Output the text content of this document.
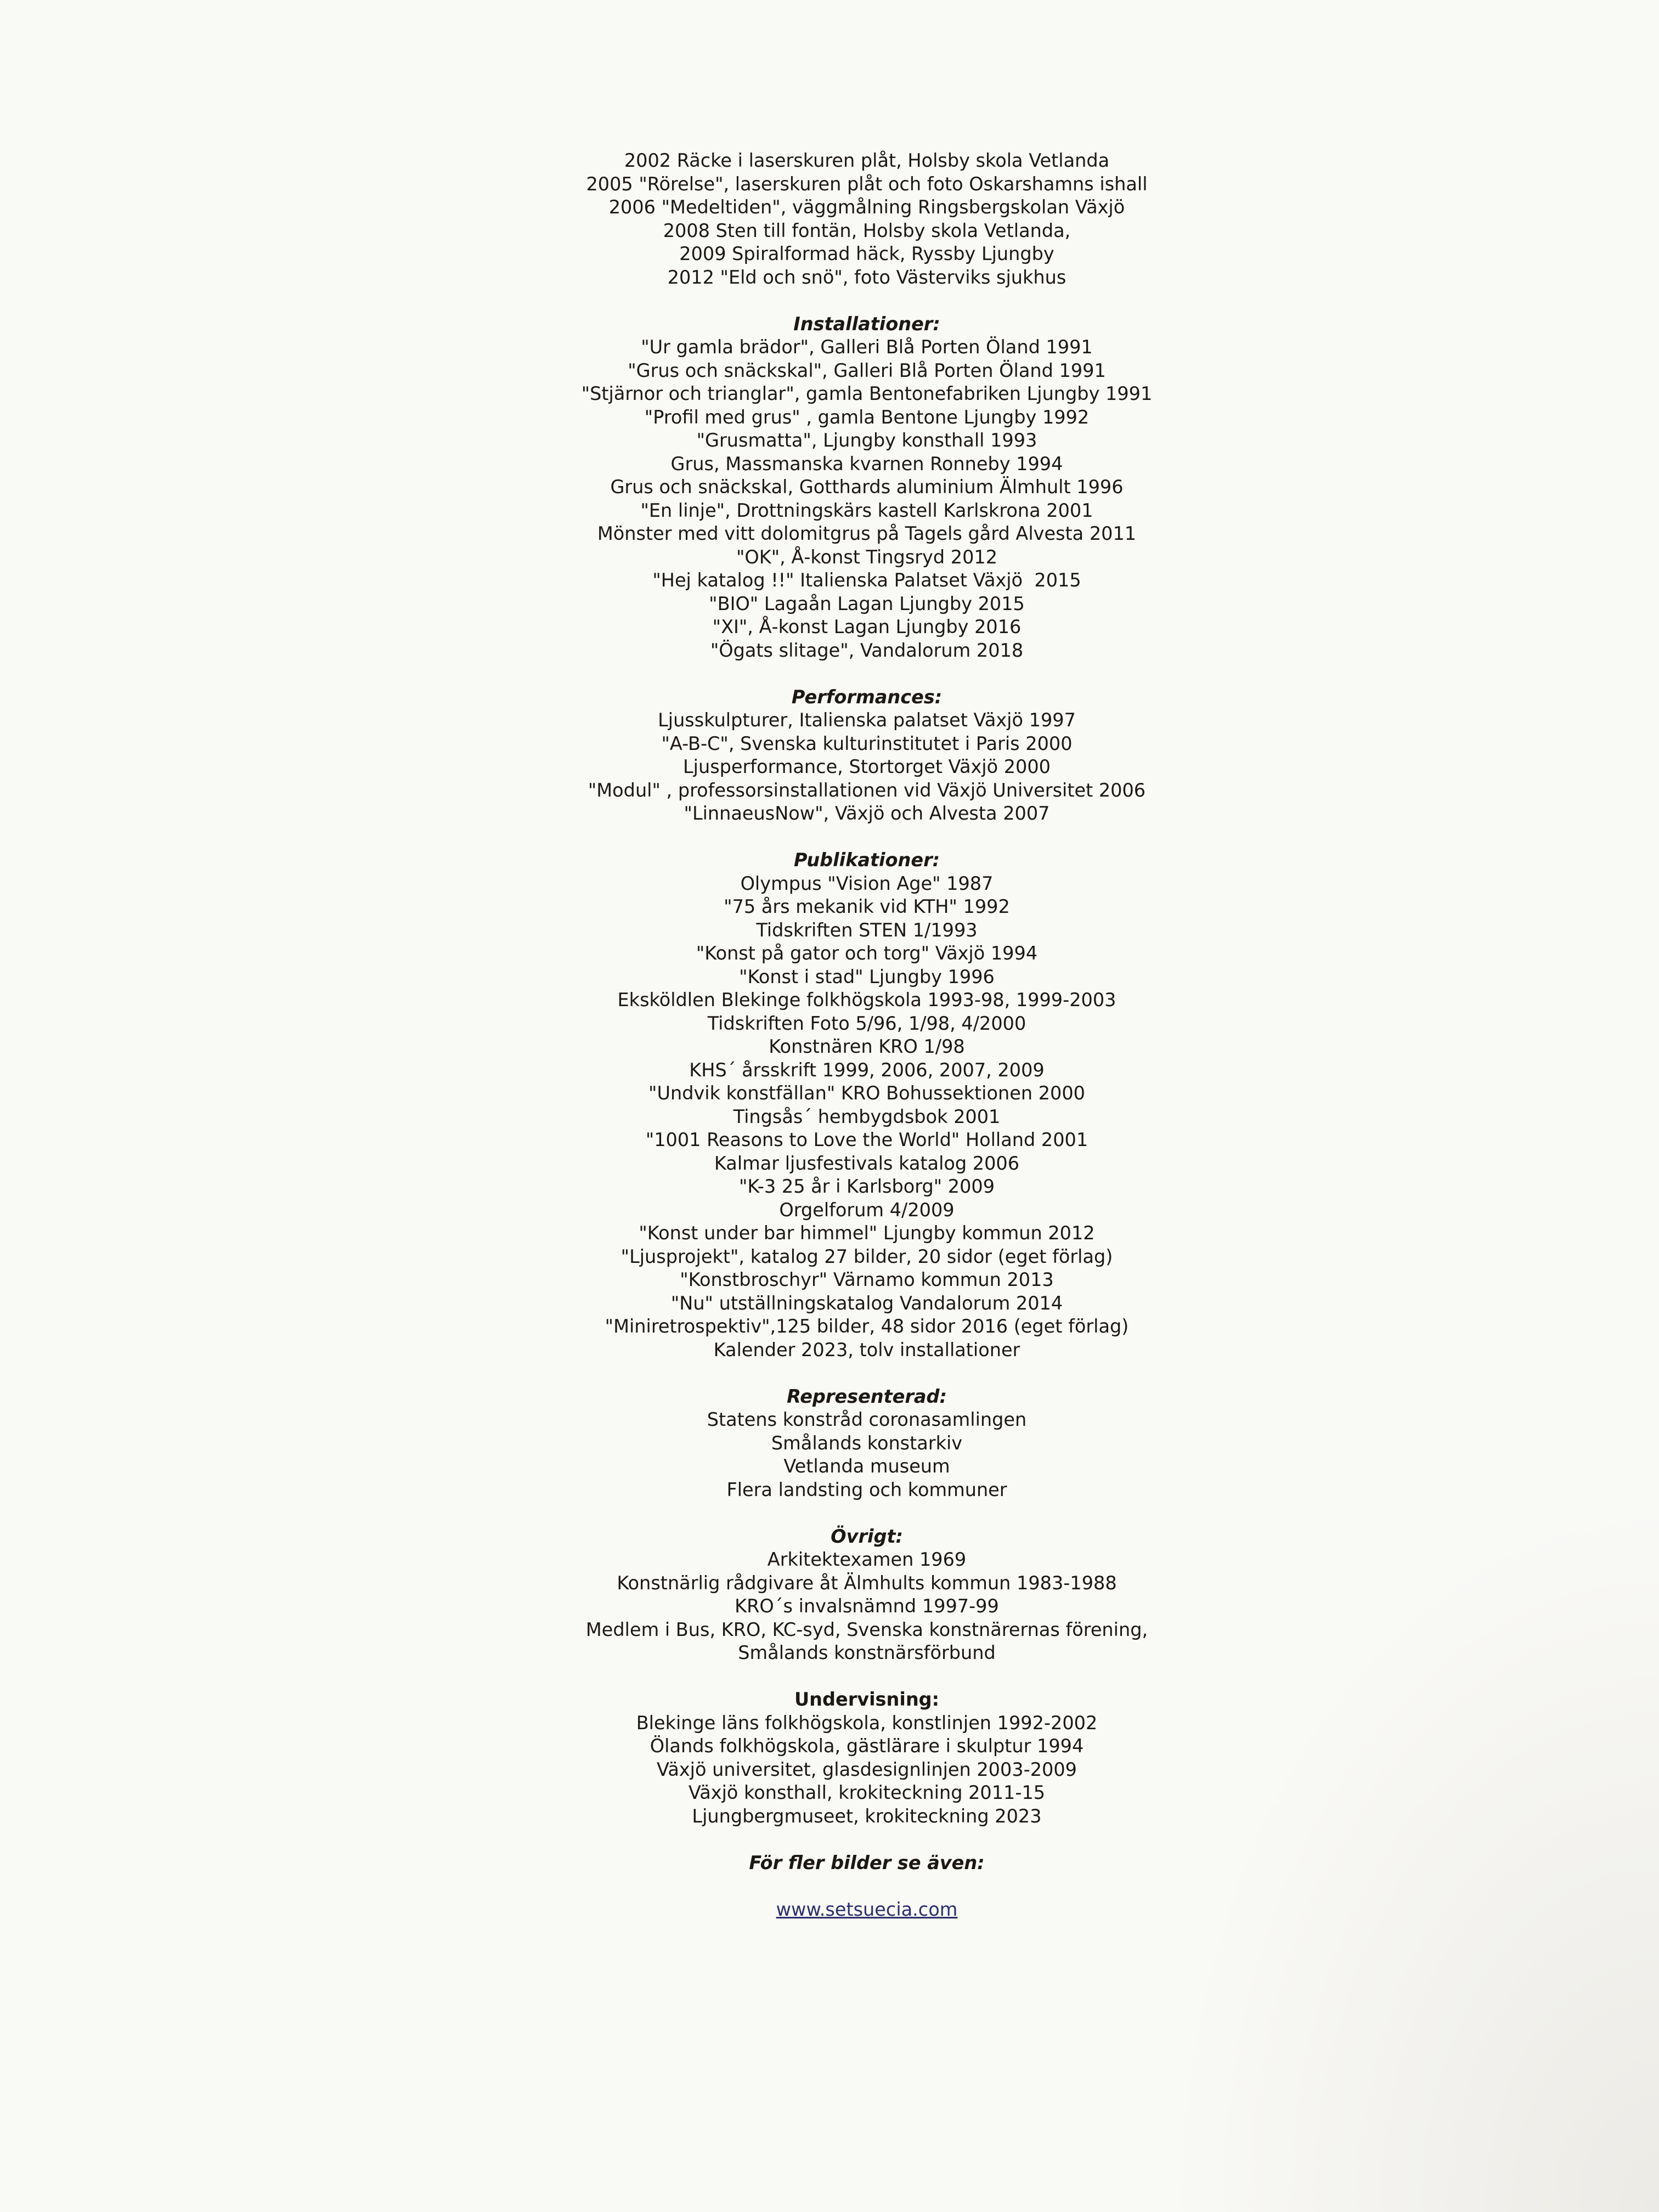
2002 Räcke i laserskuren plåt, Holsby skola Vetlanda
2005 "Rörelse", laserskuren plåt och foto Oskarshamns ishall
2006 "Medeltiden", väggmålning Ringsbergskolan Växjö
2008 Sten till fontän, Holsby skola Vetlanda,
2009 Spiralformad häck, Ryssby Ljungby
2012 "Eld och snö", foto Västerviks sjukhus
Installationer:
"Ur gamla brädor", Galleri Blå Porten Öland 1991
"Grus och snäckskal", Galleri Blå Porten Öland 1991
"Stjärnor och trianglar", gamla Bentonefabriken Ljungby 1991
"Profil med grus" , gamla Bentone Ljungby 1992
"Grusmatta", Ljungby konsthall 1993
Grus, Massmanska kvarnen Ronneby 1994
Grus och snäckskal, Gotthards aluminium Älmhult 1996
"En linje", Drottningskärs kastell Karlskrona 2001
Mönster med vitt dolomitgrus på Tagels gård Alvesta 2011
"OK", Å-konst Tingsryd 2012
"Hej katalog !!" Italienska Palatset Växjö  2015
"BIO" Lagaån Lagan Ljungby 2015
"XI", Å-konst Lagan Ljungby 2016
"Ögats slitage", Vandalorum 2018
Performances:
Ljusskulpturer, Italienska palatset Växjö 1997
"A-B-C", Svenska kulturinstitutet i Paris 2000
Ljusperformance, Stortorget Växjö 2000
"Modul" , professorsinstallationen vid Växjö Universitet 2006
"LinnaeusNow", Växjö och Alvesta 2007
Publikationer:
Olympus "Vision Age" 1987
"75 års mekanik vid KTH" 1992
Tidskriften STEN 1/1993
"Konst på gator och torg" Växjö 1994
"Konst i stad" Ljungby 1996
Eksköldlen Blekinge folkhögskola 1993-98, 1999-2003
Tidskriften Foto 5/96, 1/98, 4/2000
Konstnären KRO 1/98
KHS´ årsskrift 1999, 2006, 2007, 2009
"Undvik konstfällan" KRO Bohussektionen 2000
Tingsås´ hembygdsbok 2001
"1001 Reasons to Love the World" Holland 2001
Kalmar ljusfestivals katalog 2006
"K-3 25 år i Karlsborg" 2009
Orgelforum 4/2009
"Konst under bar himmel" Ljungby kommun 2012
"Ljusprojekt", katalog 27 bilder, 20 sidor (eget förlag)
"Konstbroschyr" Värnamo kommun 2013
"Nu" utställningskatalog Vandalorum 2014
"Miniretrospektiv",125 bilder, 48 sidor 2016 (eget förlag)
Kalender 2023, tolv installationer
Representerad:
Statens konstråd coronasamlingen
Smålands konstarkiv
Vetlanda museum
Flera landsting och kommuner
Övrigt:
Arkitektexamen 1969
Konstnärlig rådgivare åt Älmhults kommun 1983-1988
KRO´s invalsnämnd 1997-99
Medlem i Bus, KRO, KC-syd, Svenska konstnärernas förening,
Smålands konstnärsförbund
Undervisning:
Blekinge läns folkhögskola, konstlinjen 1992-2002
Ölands folkhögskola, gästlärare i skulptur 1994
Växjö universitet, glasdesignlinjen 2003-2009
Växjö konsthall, krokiteckning 2011-15
Ljungbergmuseet, krokiteckning 2023
För fler bilder se även:
www.setsuecia.com
